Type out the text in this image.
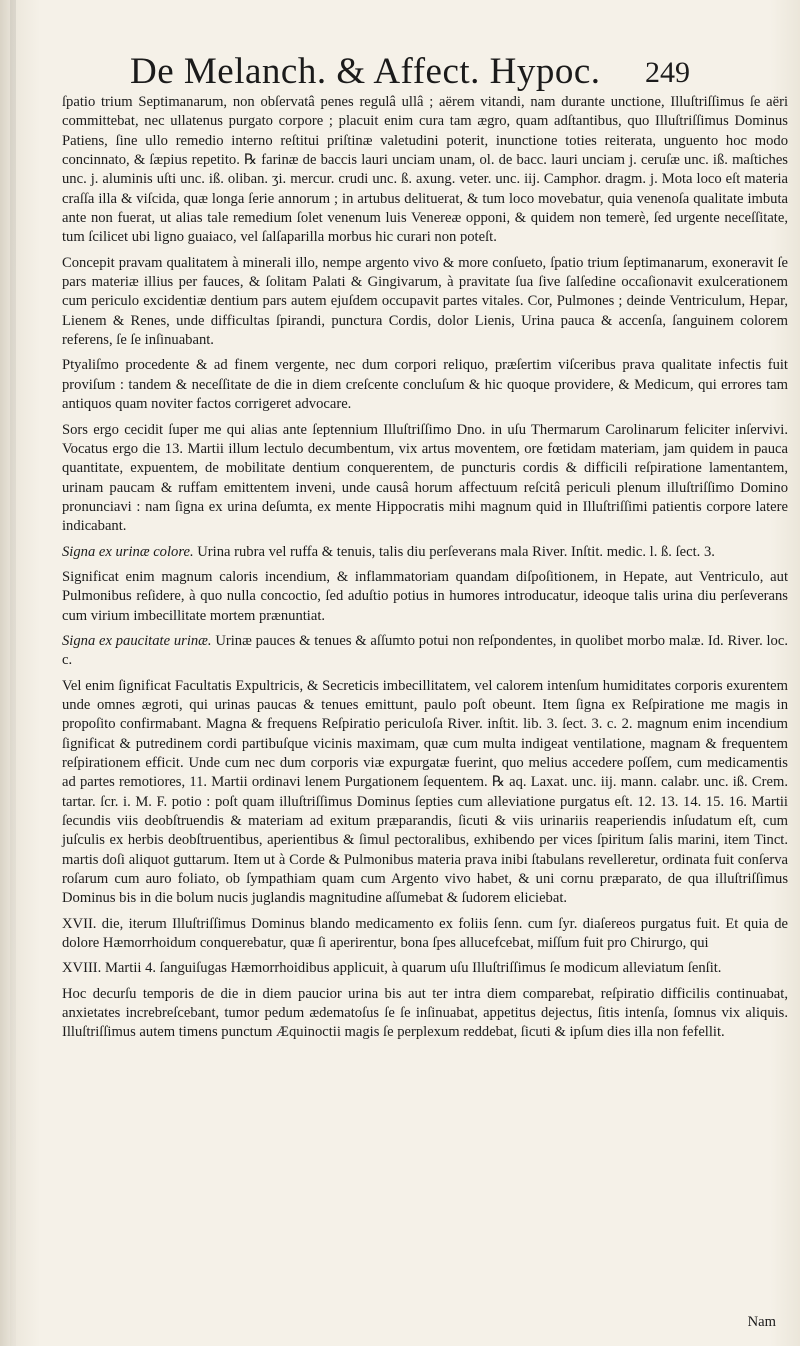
De Melanch. & Affect. Hypoc. 249

ſpatio trium Septimanarum, non obſervatâ penes regulâ ullâ ; aërem vitandi, nam durante unctione, Illuſtriſſimus ſe aëri committebat, nec ullatenus purgato corpore ; placuit enim cura tam ægro, quam adſtantibus, quo Illuſtriſſimus Dominus Patiens, ſine ullo remedio interno reſtitui priſtinæ valetudini poterit, inunctione toties reiterata, unguento hoc modo concinnato, & ſæpius repetito. ℞ farinæ de baccis lauri unciam unam, ol. de bacc. lauri unciam j. ceruſæ unc. iß. maſtiches unc. j. aluminis uſti unc. iß. oliban. ʒi. mercur. crudi unc. ß. axung. veter. unc. iij. Camphor. dragm. j. Mota loco eſt materia craſſa illa & viſcida, quæ longa ſerie annorum ; in artubus delituerat, & tum loco movebatur, quia venenoſa qualitate imbuta ante non fuerat, ut alias tale remedium ſolet venenum luis Venereæ opponi, & quidem non temerè, ſed urgente neceſſitate, tum ſcilicet ubi ligno guaiaco, vel ſalſaparilla morbus hic curari non poteſt.

Concepit pravam qualitatem à minerali illo, nempe argento vivo & more conſueto, ſpatio trium ſeptimanarum, exoneravit ſe pars materiæ illius per fauces, & ſolitam Palati & Gingivarum, à pravitate ſua ſive ſalſedine occaſionavit exulcerationem cum periculo excidentiæ dentium pars autem ejuſdem occupavit partes vitales. Cor, Pulmones ; deinde Ventriculum, Hepar, Lienem & Renes, unde difficultas ſpirandi, punctura Cordis, dolor Lienis, Urina pauca & accenſa, ſanguinem colorem referens, ſe ſe inſinuabant.

Ptyaliſmo procedente & ad finem vergente, nec dum corpori reliquo, præſertim viſceribus prava qualitate infectis fuit proviſum : tandem & neceſſitate de die in diem creſcente concluſum & hic quoque providere, & Medicum, qui errores tam antiquos quam noviter factos corrigeret advocare.

Sors ergo cecidit ſuper me qui alias ante ſeptennium Illuſtriſſimo Dno. in uſu Thermarum Carolinarum feliciter inſervivi. Vocatus ergo die 13. Martii illum lectulo decumbentum, vix artus moventem, ore fœtidam materiam, jam quidem in pauca quantitate, expuentem, de mobilitate dentium conquerentem, de puncturis cordis & difficili reſpiratione lamentantem, urinam paucam & ruffam emittentem inveni, unde causâ horum affectuum reſcitâ periculi plenum illuſtriſſimo Domino pronunciavi : nam ſigna ex urina deſumta, ex mente Hippocratis mihi magnum quid in Illuſtriſſimi patientis corpore latere indicabant.

Signa ex urinæ colore. Urina rubra vel ruffa & tenuis, talis diu perſeverans mala River. Inſtit. medic. l. ß. ſect. 3.

Significat enim magnum caloris incendium, & inflammatoriam quandam diſpoſitionem, in Hepate, aut Ventriculo, aut Pulmonibus reſidere, à quo nulla concoctio, ſed aduſtio potius in humores introducatur, ideoque talis urina diu perſeverans cum virium imbecillitate mortem prænuntiat.

Signa ex paucitate urinæ. Urinæ pauces & tenues & aſſumto potui non reſpondentes, in quolibet morbo malæ. Id. River. loc. c.

Vel enim ſignificat Facultatis Expultricis, & Secreticis imbecillitatem, vel calorem intenſum humiditates corporis exurentem unde omnes ægroti, qui urinas paucas & tenues emittunt, paulo poſt obeunt. Item ſigna ex Reſpiratione me magis in propoſito confirmabant. Magna & frequens Reſpiratio periculoſa River. inſtit. lib. 3. ſect. 3. c. 2. magnum enim incendium ſignificat & putredinem cordi partibuſque vicinis maximam, quæ cum multa indigeat ventilatione, magnam & frequentem reſpirationem efficit. Unde cum nec dum corporis viæ expurgatæ fuerint, quo melius accedere poſſem, cum medicamentis ad partes remotiores, 11. Martii ordinavi lenem Purgationem ſequentem. ℞ aq. Laxat. unc. iij. mann. calabr. unc. iß. Crem. tartar. ſcr. i. M. F. potio : poſt quam illuſtriſſimus Dominus ſepties cum alleviatione purgatus eſt. 12. 13. 14. 15. 16. Martii ſecundis viis deobſtruendis & materiam ad exitum præparandis, ſicuti & viis urinariis reaperiendis inſudatum eſt, cum juſculis ex herbis deobſtruentibus, aperientibus & ſimul pectoralibus, exhibendo per vices ſpiritum ſalis marini, item Tinct. martis doſi aliquot guttarum. Item ut à Corde & Pulmonibus materia prava inibi ſtabulans revelleretur, ordinata fuit conſerva roſarum cum auro foliato, ob ſympathiam quam cum Argento vivo habet, & uni cornu præparato, de qua illuſtriſſimus Dominus bis in die bolum nucis juglandis magnitudine aſſumebat & ſudorem eliciebat.

XVII. die, iterum Illuſtriſſimus Dominus blando medicamento ex foliis ſenn. cum ſyr. diaſereos purgatus fuit. Et quia de dolore Hæmorrhoidum conquerebatur, quæ ſi aperirentur, bona ſpes allucefcebat, miſſum fuit pro Chirurgo, qui

XVIII. Martii 4. ſanguiſugas Hæmorrhoidibus applicuit, à quarum uſu Illuſtriſſimus ſe modicum alleviatum ſenſit.

Hoc decurſu temporis de die in diem paucior urina bis aut ter intra diem comparebat, reſpiratio difficilis continuabat, anxietates increbreſcebant, tumor pedum ædematoſus ſe ſe inſinuabat, appetitus dejectus, ſitis intenſa, ſomnus vix aliquis. Illuſtriſſimus autem timens punctum Æquinoctii magis ſe perplexum reddebat, ſicuti & ipſum dies illa non fefellit.

Nam
